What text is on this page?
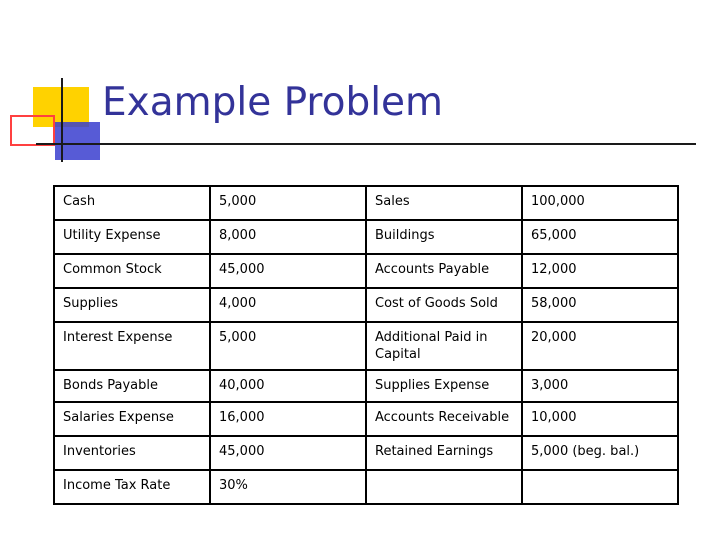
Example Problem
Cash	5,000	Sales	100,000
Utility Expense	8,000	Buildings	65,000
Common Stock	45,000	Accounts Payable	12,000
Supplies	4,000	Cost of Goods Sold	58,000
Interest Expense	5,000	Additional Paid in Capital	20,000
Bonds Payable	40,000	Supplies Expense	3,000
Salaries Expense	16,000	Accounts Receivable	10,000
Inventories	45,000	Retained Earnings	5,000 (beg. bal.)
Income Tax Rate	30%		
